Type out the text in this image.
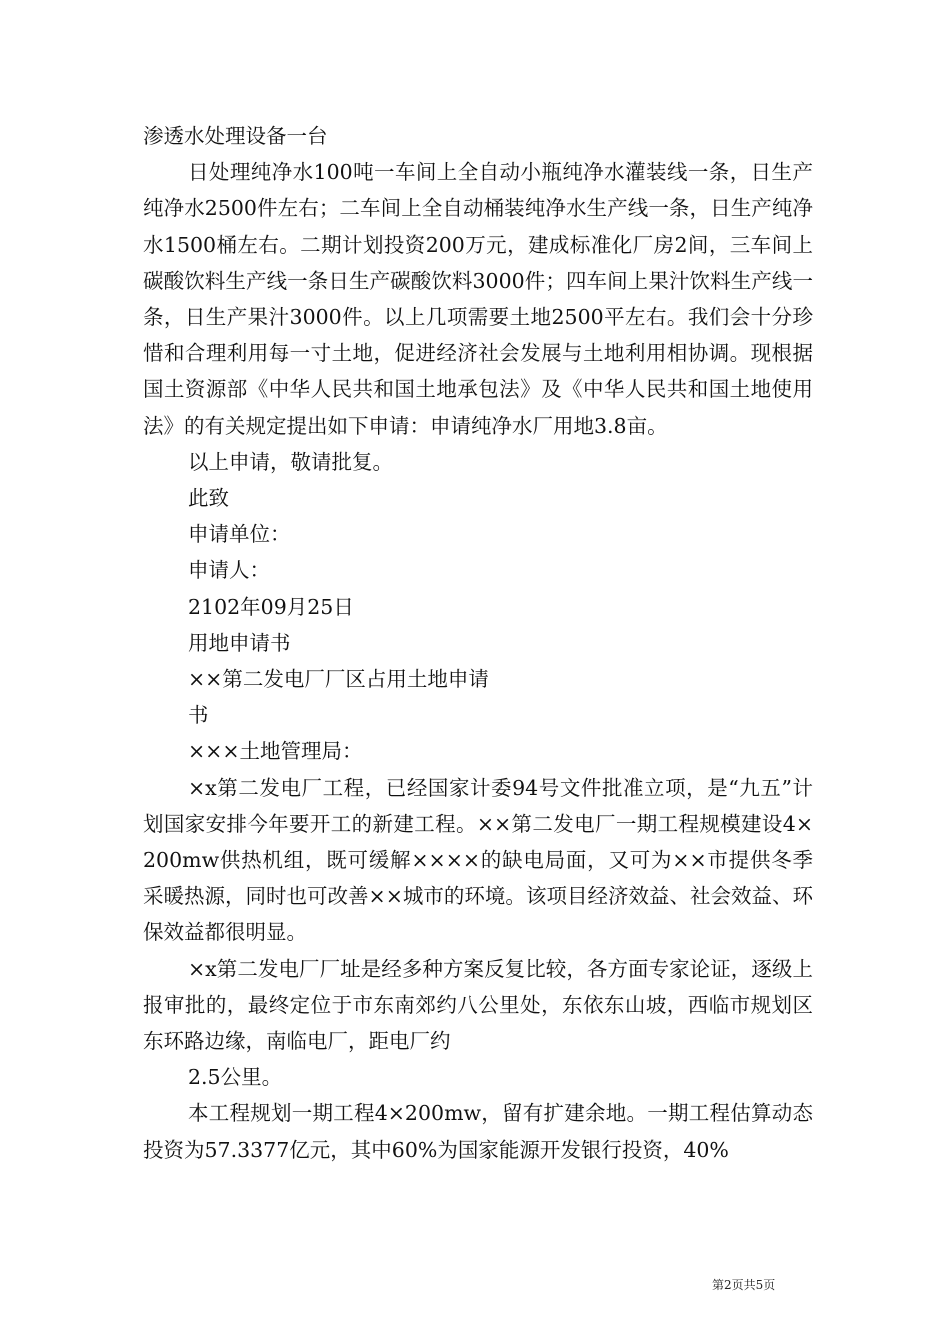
渗透水处理设备一台

日处理纯净水100吨一车间上全自动小瓶纯净水灌装线一条，日生产纯净水2500件左右；二车间上全自动桶装纯净水生产线一条，日生产纯净水1500桶左右。二期计划投资200万元，建成标准化厂房2间，三车间上碳酸饮料生产线一条日生产碳酸饮料3000件；四车间上果汁饮料生产线一条，日生产果汁3000件。以上几项需要土地2500平左右。我们会十分珍惜和合理利用每一寸土地，促进经济社会发展与土地利用相协调。现根据国土资源部《中华人民共和国土地承包法》及《中华人民共和国土地使用法》的有关规定提出如下申请：申请纯净水厂用地3.8亩。

以上申请，敬请批复。

此致

申请单位：

申请人：

2102年09月25日

用地申请书

××第二发电厂厂区占用土地申请

书

×××土地管理局：

×x第二发电厂工程，已经国家计委94号文件批准立项，是“九五”计划国家安排今年要开工的新建工程。××第二发电厂一期工程规模建设4×200mw供热机组，既可缓解××××的缺电局面，又可为××市提供冬季采暖热源，同时也可改善××城市的环境。该项目经济效益、社会效益、环保效益都很明显。

×x第二发电厂厂址是经多种方案反复比较，各方面专家论证，逐级上报审批的，最终定位于市东南郊约八公里处，东依东山坡，西临市规划区东环路边缘，南临电厂，距电厂约

2.5公里。

本工程规划一期工程4×200mw，留有扩建余地。一期工程估算动态投资为57.3377亿元，其中60%为国家能源开发银行投资，40%

第2页共5页
